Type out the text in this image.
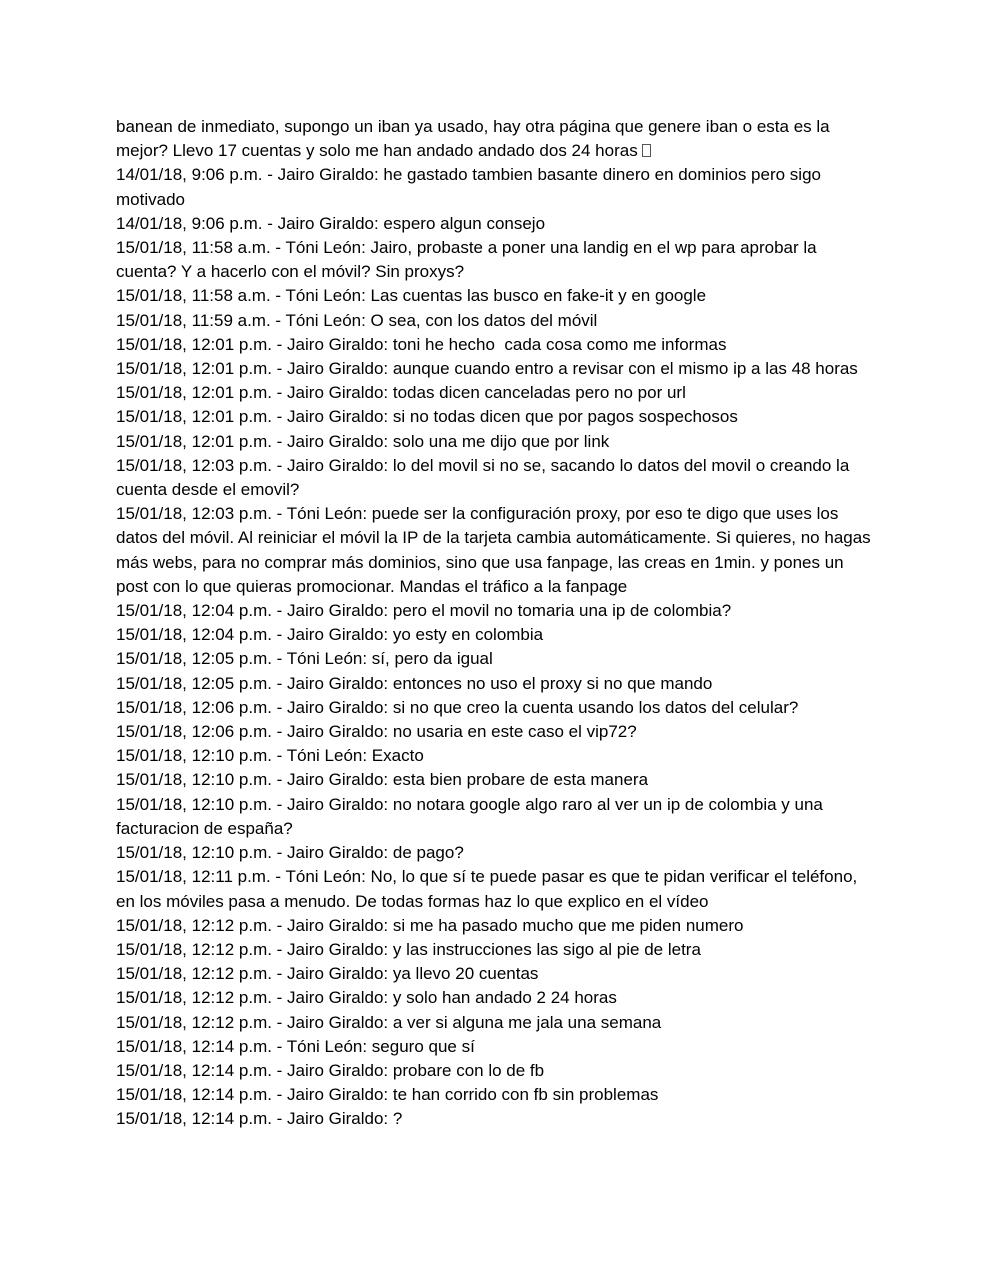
banean de inmediato, supongo un iban ya usado, hay otra página que genere iban o esta es la mejor? Llevo 17 cuentas y solo me han andado andado dos 24 horas

14/01/18, 9:06 p.m. - Jairo Giraldo: he gastado tambien basante dinero en dominios pero sigo motivado

14/01/18, 9:06 p.m. - Jairo Giraldo: espero algun consejo

15/01/18, 11:58 a.m. - Tóni León: Jairo, probaste a poner una landig en el wp para aprobar la cuenta? Y a hacerlo con el móvil? Sin proxys?

15/01/18, 11:58 a.m. - Tóni León: Las cuentas las busco en fake-it y en google

15/01/18, 11:59 a.m. - Tóni León: O sea, con los datos del móvil

15/01/18, 12:01 p.m. - Jairo Giraldo: toni he hecho  cada cosa como me informas

15/01/18, 12:01 p.m. - Jairo Giraldo: aunque cuando entro a revisar con el mismo ip a las 48 horas

15/01/18, 12:01 p.m. - Jairo Giraldo: todas dicen canceladas pero no por url

15/01/18, 12:01 p.m. - Jairo Giraldo: si no todas dicen que por pagos sospechosos

15/01/18, 12:01 p.m. - Jairo Giraldo: solo una me dijo que por link

15/01/18, 12:03 p.m. - Jairo Giraldo: lo del movil si no se, sacando lo datos del movil o creando la cuenta desde el emovil?

15/01/18, 12:03 p.m. - Tóni León: puede ser la configuración proxy, por eso te digo que uses los datos del móvil. Al reiniciar el móvil la IP de la tarjeta cambia automáticamente. Si quieres, no hagas más webs, para no comprar más dominios, sino que usa fanpage, las creas en 1min. y pones un post con lo que quieras promocionar. Mandas el tráfico a la fanpage

15/01/18, 12:04 p.m. - Jairo Giraldo: pero el movil no tomaria una ip de colombia?

15/01/18, 12:04 p.m. - Jairo Giraldo: yo esty en colombia

15/01/18, 12:05 p.m. - Tóni León: sí, pero da igual

15/01/18, 12:05 p.m. - Jairo Giraldo: entonces no uso el proxy si no que mando

15/01/18, 12:06 p.m. - Jairo Giraldo: si no que creo la cuenta usando los datos del celular?

15/01/18, 12:06 p.m. - Jairo Giraldo: no usaria en este caso el vip72?

15/01/18, 12:10 p.m. - Tóni León: Exacto

15/01/18, 12:10 p.m. - Jairo Giraldo: esta bien probare de esta manera

15/01/18, 12:10 p.m. - Jairo Giraldo: no notara google algo raro al ver un ip de colombia y una facturacion de españa?

15/01/18, 12:10 p.m. - Jairo Giraldo: de pago?

15/01/18, 12:11 p.m. - Tóni León: No, lo que sí te puede pasar es que te pidan verificar el teléfono, en los móviles pasa a menudo. De todas formas haz lo que explico en el vídeo

15/01/18, 12:12 p.m. - Jairo Giraldo: si me ha pasado mucho que me piden numero

15/01/18, 12:12 p.m. - Jairo Giraldo: y las instrucciones las sigo al pie de letra

15/01/18, 12:12 p.m. - Jairo Giraldo: ya llevo 20 cuentas

15/01/18, 12:12 p.m. - Jairo Giraldo: y solo han andado 2 24 horas

15/01/18, 12:12 p.m. - Jairo Giraldo: a ver si alguna me jala una semana

15/01/18, 12:14 p.m. - Tóni León: seguro que sí

15/01/18, 12:14 p.m. - Jairo Giraldo: probare con lo de fb

15/01/18, 12:14 p.m. - Jairo Giraldo: te han corrido con fb sin problemas

15/01/18, 12:14 p.m. - Jairo Giraldo: ?
